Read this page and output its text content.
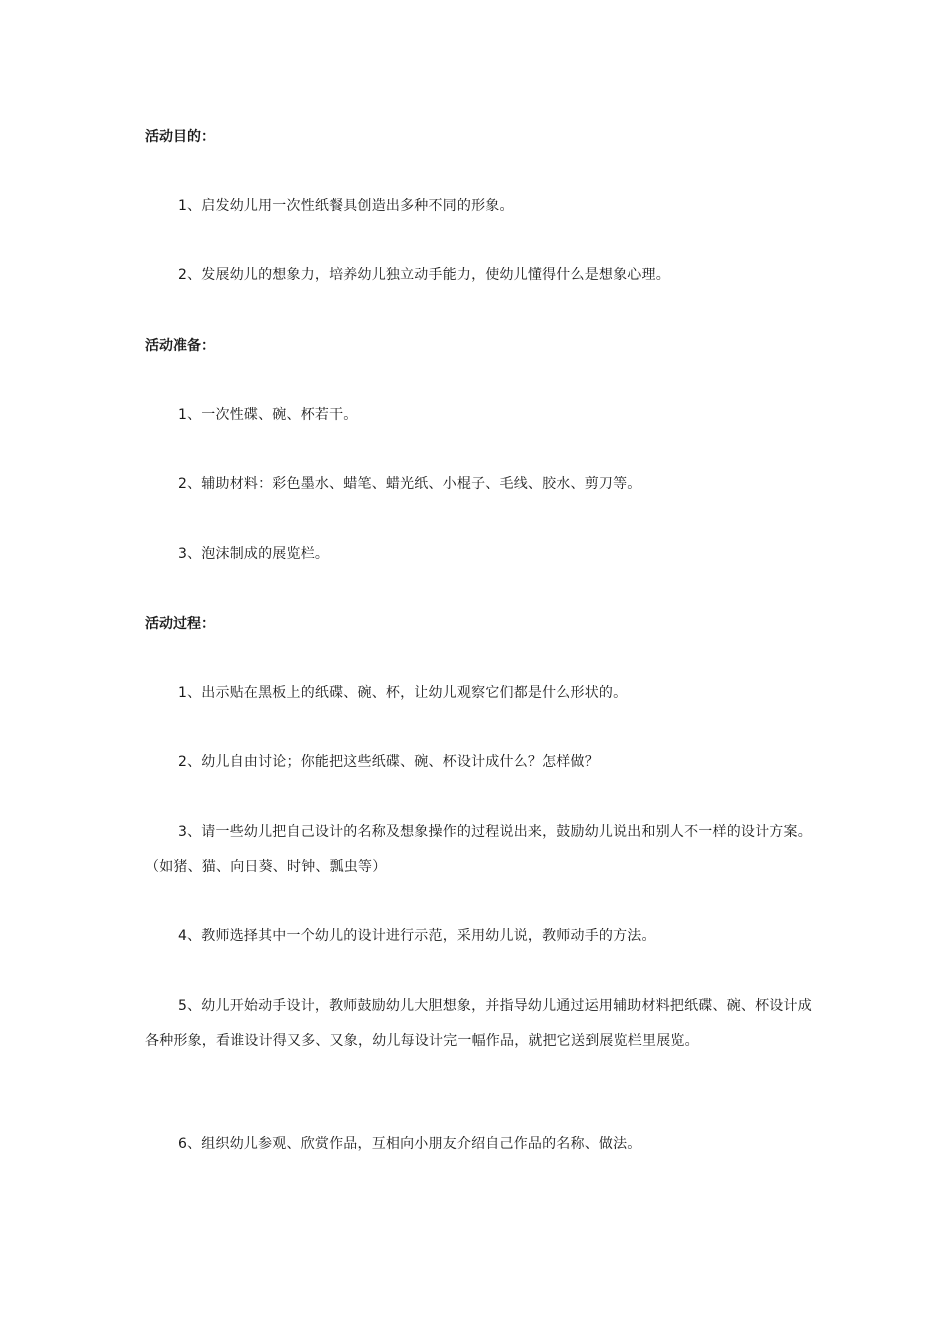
活动目的：
1、启发幼儿用一次性纸餐具创造出多种不同的形象。
2、发展幼儿的想象力，培养幼儿独立动手能力，使幼儿懂得什么是想象心理。
活动准备：
1、一次性碟、碗、杯若干。
2、辅助材料：彩色墨水、蜡笔、蜡光纸、小棍子、毛线、胶水、剪刀等。
3、泡沫制成的展览栏。
活动过程：
1、出示贴在黑板上的纸碟、碗、杯，让幼儿观察它们都是什么形状的。
2、幼儿自由讨论；你能把这些纸碟、碗、杯设计成什么？怎样做？
3、请一些幼儿把自己设计的名称及想象操作的过程说出来，鼓励幼儿说出和别人不一样的设计方案。（如猪、猫、向日葵、时钟、瓢虫等）
4、教师选择其中一个幼儿的设计进行示范，采用幼儿说，教师动手的方法。
5、幼儿开始动手设计，教师鼓励幼儿大胆想象，并指导幼儿通过运用辅助材料把纸碟、碗、杯设计成各种形象，看谁设计得又多、又象，幼儿每设计完一幅作品，就把它送到展览栏里展览。
6、组织幼儿参观、欣赏作品，互相向小朋友介绍自己作品的名称、做法。
